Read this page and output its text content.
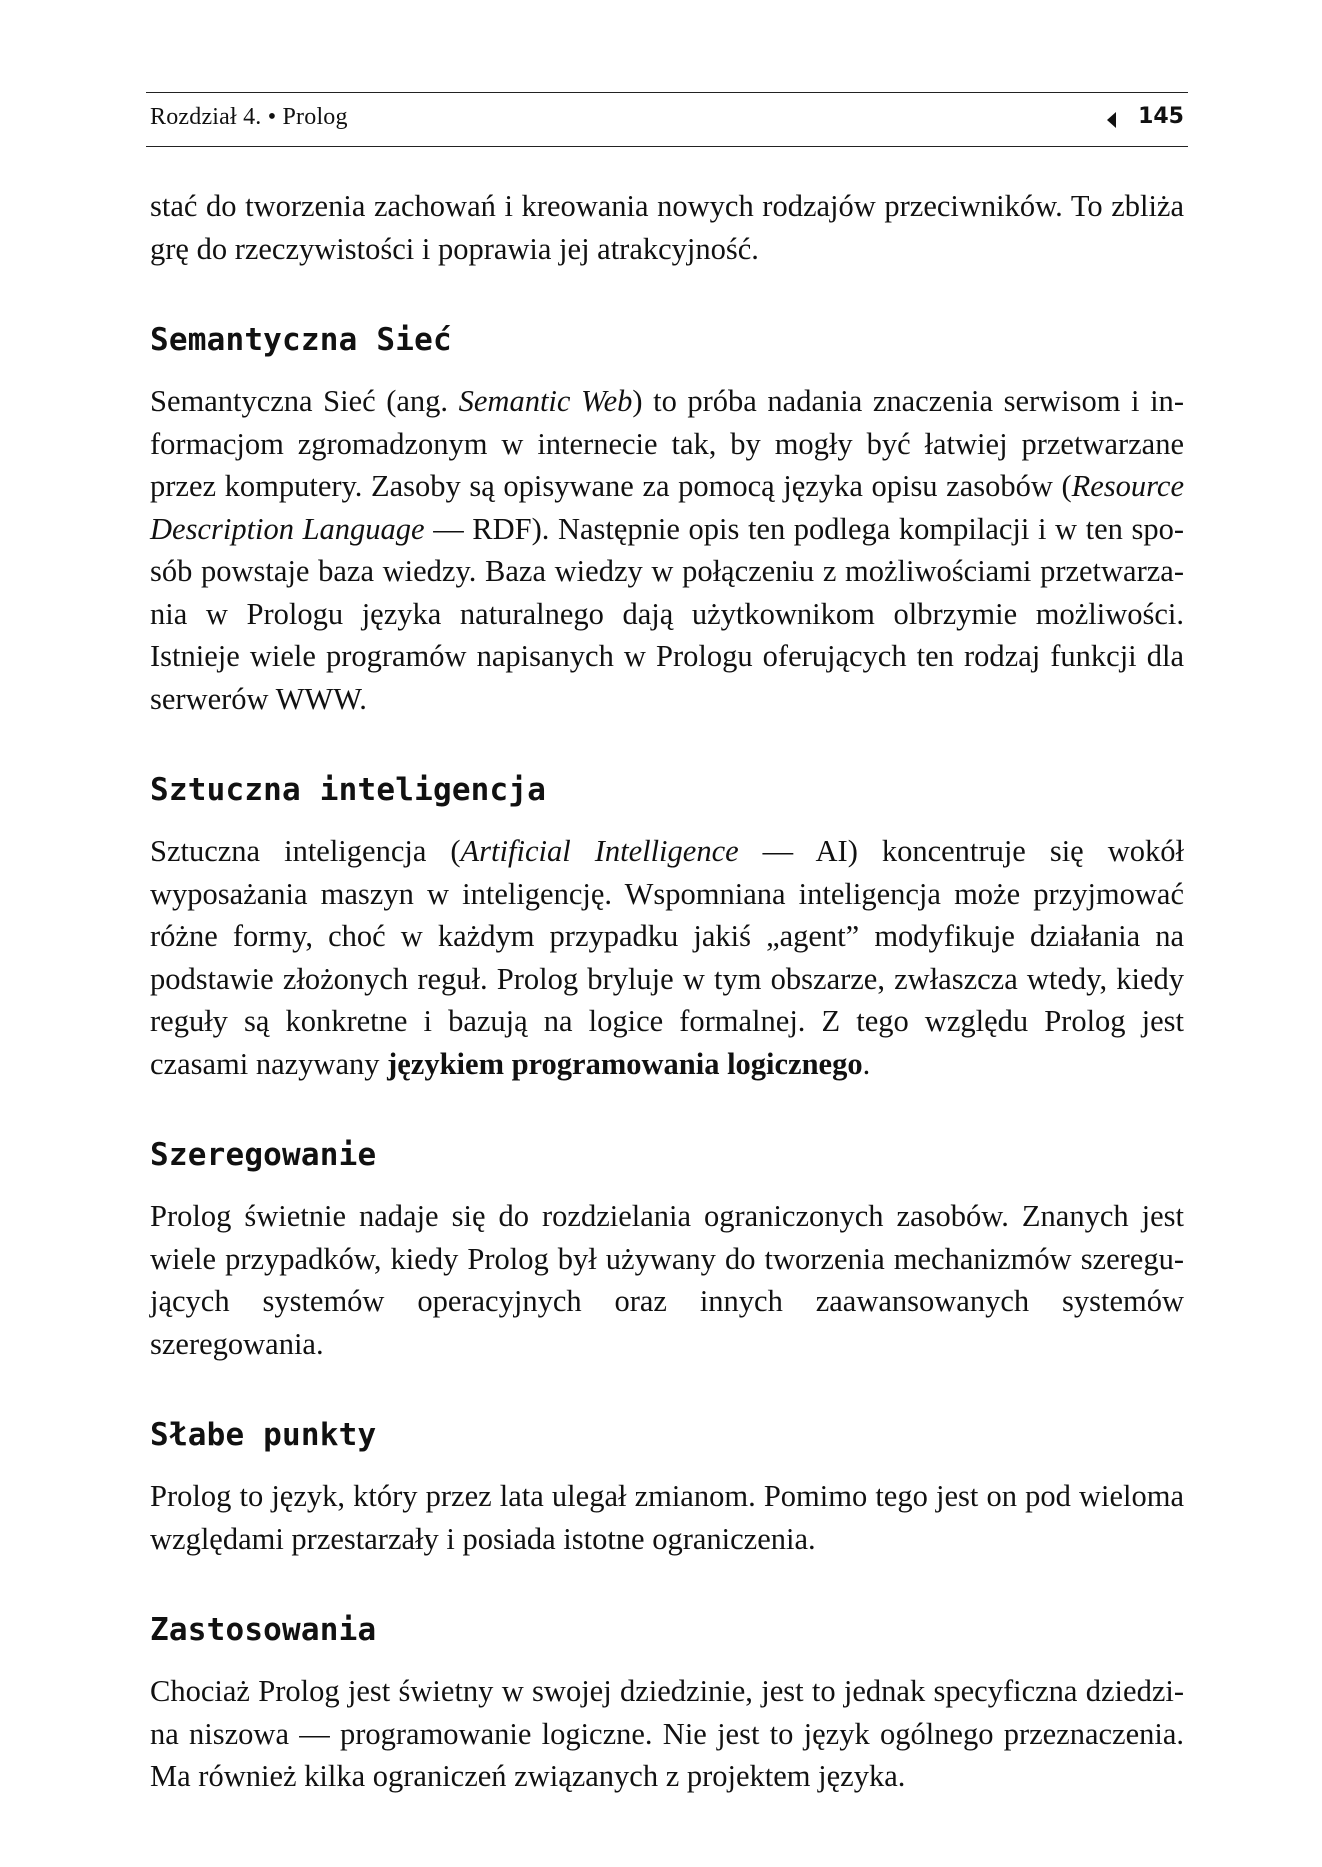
Rozdział 4. • Prolog	145

stać do tworzenia zachowań i kreowania nowych rodzajów przeciwników. To zbliża grę do rzeczywistości i poprawia jej atrakcyjność.

Semantyczna Sieć

Semantyczna Sieć (ang. Semantic Web) to próba nadania znaczenia serwisom i informacjom zgromadzonym w internecie tak, by mogły być łatwiej przetwarzane przez komputery. Zasoby są opisywane za pomocą języka opisu zasobów (Resource Description Language — RDF). Następnie opis ten podlega kompilacji i w ten sposób powstaje baza wiedzy. Baza wiedzy w połączeniu z możliwościami przetwarzania w Prologu języka naturalnego dają użytkownikom olbrzymie możliwości. Istnieje wiele programów napisanych w Prologu oferujących ten rodzaj funkcji dla serwerów WWW.

Sztuczna inteligencja

Sztuczna inteligencja (Artificial Intelligence — AI) koncentruje się wokół wyposażania maszyn w inteligencję. Wspomniana inteligencja może przyjmować różne formy, choć w każdym przypadku jakiś „agent” modyfikuje działania na podstawie złożonych reguł. Prolog bryluje w tym obszarze, zwłaszcza wtedy, kiedy reguły są konkretne i bazują na logice formalnej. Z tego względu Prolog jest czasami nazywany językiem programowania logicznego.

Szeregowanie

Prolog świetnie nadaje się do rozdzielania ograniczonych zasobów. Znanych jest wiele przypadków, kiedy Prolog był używany do tworzenia mechanizmów szeregujących systemów operacyjnych oraz innych zaawansowanych systemów szeregowania.

Słabe punkty

Prolog to język, który przez lata ulegał zmianom. Pomimo tego jest on pod wieloma względami przestarzały i posiada istotne ograniczenia.

Zastosowania

Chociaż Prolog jest świetny w swojej dziedzinie, jest to jednak specyficzna dziedzina niszowa — programowanie logiczne. Nie jest to język ogólnego przeznaczenia. Ma również kilka ograniczeń związanych z projektem języka.
